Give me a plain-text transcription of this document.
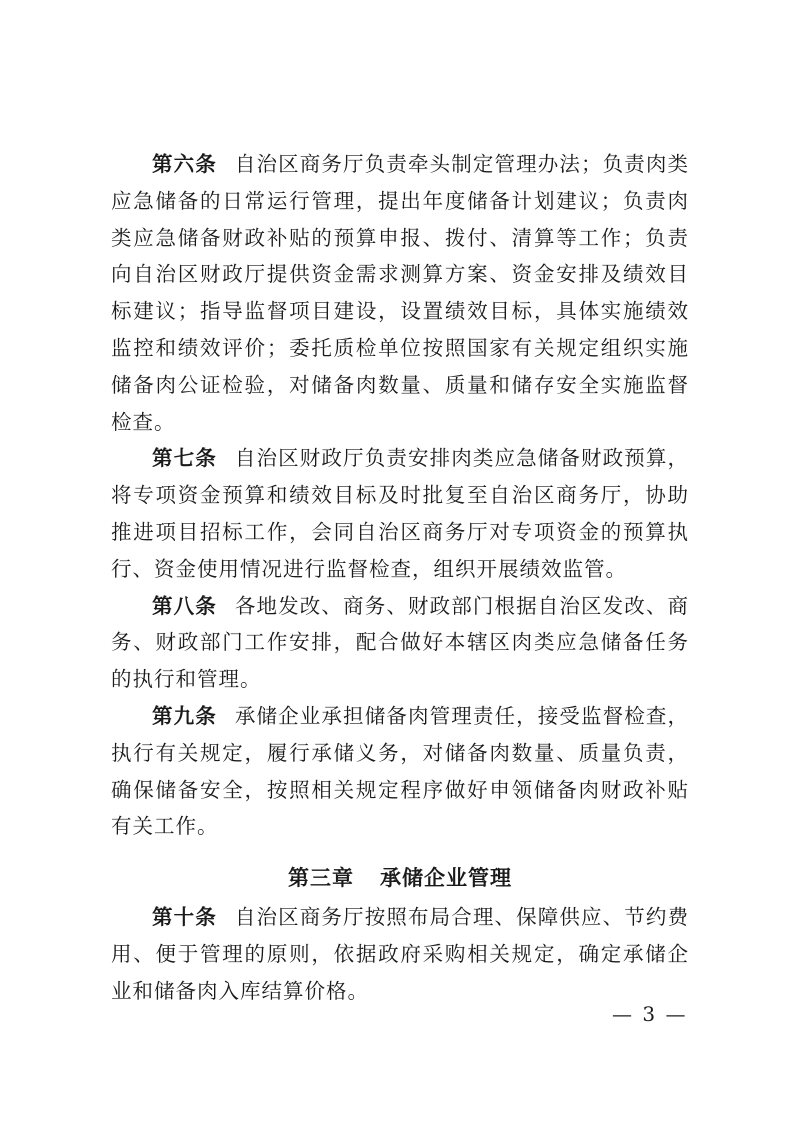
第六条 自治区商务厅负责牵头制定管理办法；负责肉类应急储备的日常运行管理，提出年度储备计划建议；负责肉类应急储备财政补贴的预算申报、拨付、清算等工作；负责向自治区财政厅提供资金需求测算方案、资金安排及绩效目标建议；指导监督项目建设，设置绩效目标，具体实施绩效监控和绩效评价；委托质检单位按照国家有关规定组织实施储备肉公证检验，对储备肉数量、质量和储存安全实施监督检查。

第七条 自治区财政厅负责安排肉类应急储备财政预算，将专项资金预算和绩效目标及时批复至自治区商务厅，协助推进项目招标工作，会同自治区商务厅对专项资金的预算执行、资金使用情况进行监督检查，组织开展绩效监管。

第八条 各地发改、商务、财政部门根据自治区发改、商务、财政部门工作安排，配合做好本辖区肉类应急储备任务的执行和管理。

第九条 承储企业承担储备肉管理责任，接受监督检查，执行有关规定，履行承储义务，对储备肉数量、质量负责，确保储备安全，按照相关规定程序做好申领储备肉财政补贴有关工作。

第三章 承储企业管理

第十条 自治区商务厅按照布局合理、保障供应、节约费用、便于管理的原则，依据政府采购相关规定，确定承储企业和储备肉入库结算价格。

— 3 —
